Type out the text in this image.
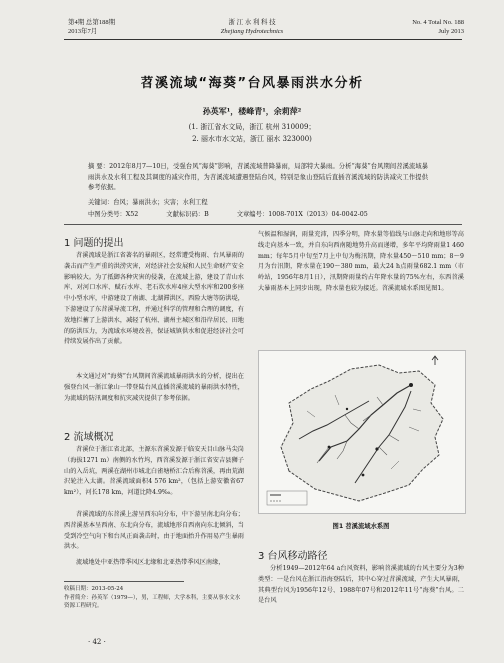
第4期 总第188期
2013年7月
浙 江 水 利 科 技
Zhejiang Hydrotechnics
No. 4 Total No. 188
July 2013
苕溪流域“海葵”台风暴雨洪水分析
孙英军¹，楼峰青¹，余莉萍²
(1. 浙江省水文局，浙江 杭州 310009；
2. 丽水市水文站，浙江 丽水 323000)
摘 要：2012年8月7—10日，受强台风“海葵”影响，苕溪流域普降暴雨，局部特大暴雨。分析“海葵”台风期间苕溪流域暴雨洪水及水利工程及其调度的减灾作用，为苕溪流域遭遇登陆台风，特别是象山登陆后直插苕溪流域的防洪减灾工作提供参考依据。
关键词：台风；暴雨洪水；灾害；水利工程
中图分类号：X52	文献标识码：B	文章编号：1008-701X（2013）04-0042-05
1 问题的提出
苕溪流域是浙江省著名的暴雨区，经常遭受梅雨、台风暴雨的袭击而产生严重的洪涝灾害，对经济社会发展和人民生命财产安全影响较大。为了抵御各种灾害的侵袭，在流域上游，建设了青山水库、对河口水库、赋石水库、老石坎水库4座大型水库和200多座中小型水库，中游建设了南湖、北湖滞洪区，西险大塘等防洪堤，下游建设了东苕溪导流工程，并通过科学的管理和合理的调度，有效地拦蓄了上游洪水，减轻了杭州、湖州主城区和沿岸居民、田地的防洪压力，为流域水环境改善，保证城镇供水和促进经济社会可持续发展作出了贡献。
本文通过对“海葵”台风期间苕溪流域暴雨洪水的分析，提出在强登台风一浙江象山一带登陆台风直插苕溪流域的暴雨洪水特性，为流域的防汛调度和抗灾减灾提供了参考依据。
2 流域概况
苕溪位于浙江省北部，主源东苕溪发源于临安天目山脉马尖岗（海拔1271 m）南侧的水竹坞，西苕溪发源于浙江省安吉县狮子山的入岳坑，两溪在湖州市城北白雀塘桥汇合后称苕溪，再由荒湖沢轮注入太湖。苕溪流域面积4 576 km²，（包括上游安徽省67 km²），河长178 km，河道比降4.9‰。
苕溪流域的东苕溪上游呈西东向分布，中下游呈南北向分布；西苕溪基本呈西南、东北向分布，流域地形自西南向东北倾斜，当受到冷空气向下和台风正面袭击时，由于地面抬升作用易产生暴雨洪水。
流域地处中亚热带季风区北缘和北亚热带季风区南缘，
收稿日期：2013-05-24
作者简介：孙英军（1979—），男，工程师，大学本科，主要从事水文水资源工程研究。
· 42 ·
气候温和湿润，雨量充沛，四季分明，降水量等值线与山脉走向和地形等高线走向基本一致，并自东向西南随地势升高而递增，多年平均降雨量1 460 mm；每年5月中旬至7月上中旬为梅汛期，降水量450～510 mm；8～9月为台汛期，降水量在190～380 mm，最大24 h点雨量682.1 mm（市岭站，1956年8月1日），汛期降雨量约占年降水量的75%左右，东西苕溪大暴雨基本上同步出现，降水量也较为接近。苕溪流域水系图见图1。
图1 苕溪流域水系图
3 台风移动路径
分析1949—2012年64 a台风资料，影响苕溪流域的台风主要分为3种类型：一是台风在浙江沿海登陆后，其中心穿过苕溪流域，产生大风暴雨，其典型台风为1956年12号、1988年07号和2012年11号“海葵”台风。二是台风
